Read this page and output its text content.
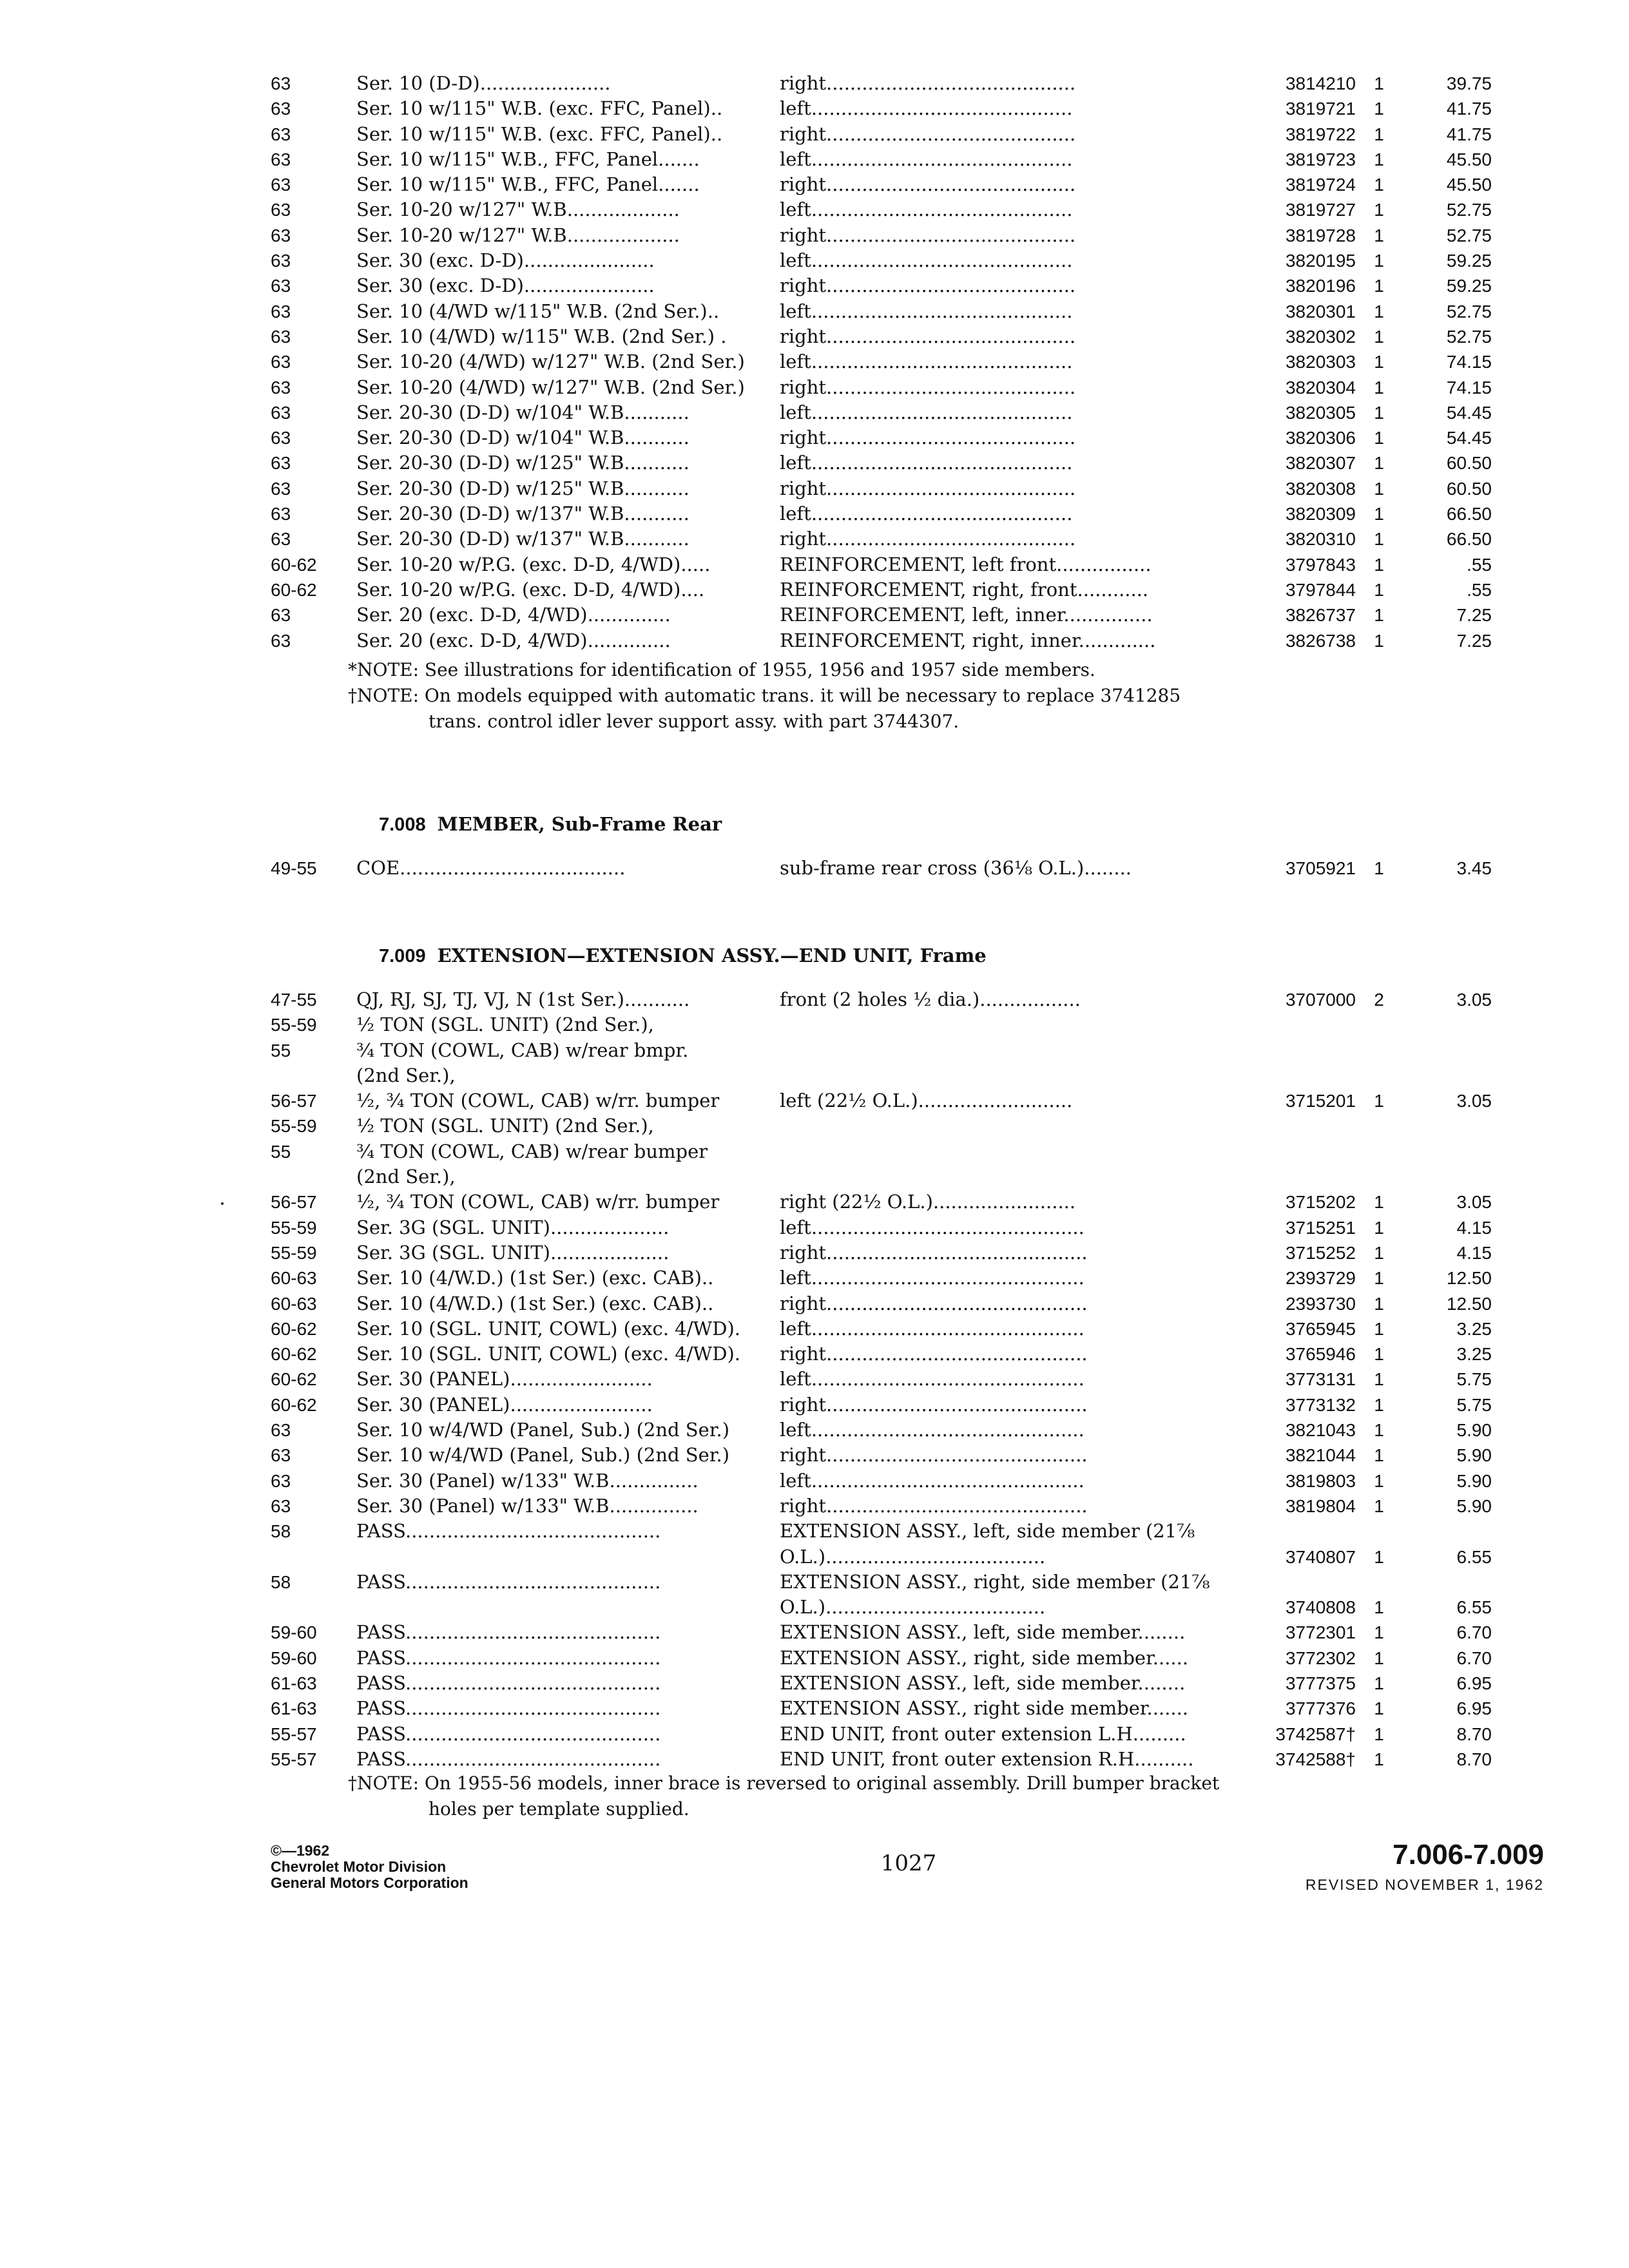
63	Ser. 10 (D-D)......................	right..........................................	3814210	1	39.75
63	Ser. 10 w/115" W.B. (exc. FFC, Panel)..	left............................................	3819721	1	41.75
63	Ser. 10 w/115" W.B. (exc. FFC, Panel)..	right..........................................	3819722	1	41.75
63	Ser. 10 w/115" W.B., FFC, Panel.......	left............................................	3819723	1	45.50
63	Ser. 10 w/115" W.B., FFC, Panel.......	right..........................................	3819724	1	45.50
63	Ser. 10-20 w/127" W.B...................	left............................................	3819727	1	52.75
63	Ser. 10-20 w/127" W.B...................	right..........................................	3819728	1	52.75
63	Ser. 30 (exc. D-D)......................	left............................................	3820195	1	59.25
63	Ser. 30 (exc. D-D)......................	right..........................................	3820196	1	59.25
63	Ser. 10 (4/WD w/115" W.B. (2nd Ser.)..	left............................................	3820301	1	52.75
63	Ser. 10 (4/WD) w/115" W.B. (2nd Ser.) .	right..........................................	3820302	1	52.75
63	Ser. 10-20 (4/WD) w/127" W.B. (2nd Ser.)	left............................................	3820303	1	74.15
63	Ser. 10-20 (4/WD) w/127" W.B. (2nd Ser.)	right..........................................	3820304	1	74.15
63	Ser. 20-30 (D-D) w/104" W.B...........	left............................................	3820305	1	54.45
63	Ser. 20-30 (D-D) w/104" W.B...........	right..........................................	3820306	1	54.45
63	Ser. 20-30 (D-D) w/125" W.B...........	left............................................	3820307	1	60.50
63	Ser. 20-30 (D-D) w/125" W.B...........	right..........................................	3820308	1	60.50
63	Ser. 20-30 (D-D) w/137" W.B...........	left............................................	3820309	1	66.50
63	Ser. 20-30 (D-D) w/137" W.B...........	right..........................................	3820310	1	66.50
60-62	Ser. 10-20 w/P.G. (exc. D-D, 4/WD).....	REINFORCEMENT, left front................	3797843	1	.55
60-62	Ser. 10-20 w/P.G. (exc. D-D, 4/WD)....	REINFORCEMENT, right, front............	3797844	1	.55
63	Ser. 20 (exc. D-D, 4/WD)..............	REINFORCEMENT, left, inner...............	3826737	1	7.25
63	Ser. 20 (exc. D-D, 4/WD)..............	REINFORCEMENT, right, inner.............	3826738	1	7.25
*NOTE: See illustrations for identification of 1955, 1956 and 1957 side members.
†NOTE: On models equipped with automatic trans. it will be necessary to replace 3741285
trans. control idler lever support assy. with part 3744307.
7.008 MEMBER, Sub-Frame Rear
49-55	COE......................................	sub-frame rear cross (36⅛ O.L.)........	3705921	1	3.45
7.009 EXTENSION—EXTENSION ASSY.—END UNIT, Frame
47-55	QJ, RJ, SJ, TJ, VJ, N (1st Ser.)...........	front (2 holes ½ dia.).................	3707000	2	3.05
55-59	½ TON (SGL. UNIT) (2nd Ser.),
55	¾ TON (COWL, CAB) w/rear bmpr.
(2nd Ser.),
56-57	½, ¾ TON (COWL, CAB) w/rr. bumper	left (22½ O.L.)..........................	3715201	1	3.05
55-59	½ TON (SGL. UNIT) (2nd Ser.),
55	¾ TON (COWL, CAB) w/rear bumper
(2nd Ser.),
56-57	½, ¾ TON (COWL, CAB) w/rr. bumper	right (22½ O.L.)........................	3715202	1	3.05
55-59	Ser. 3G (SGL. UNIT)....................	left..............................................	3715251	1	4.15
55-59	Ser. 3G (SGL. UNIT)....................	right............................................	3715252	1	4.15
60-63	Ser. 10 (4/W.D.) (1st Ser.) (exc. CAB)..	left..............................................	2393729	1	12.50
60-63	Ser. 10 (4/W.D.) (1st Ser.) (exc. CAB)..	right............................................	2393730	1	12.50
60-62	Ser. 10 (SGL. UNIT, COWL) (exc. 4/WD).	left..............................................	3765945	1	3.25
60-62	Ser. 10 (SGL. UNIT, COWL) (exc. 4/WD).	right............................................	3765946	1	3.25
60-62	Ser. 30 (PANEL)........................	left..............................................	3773131	1	5.75
60-62	Ser. 30 (PANEL)........................	right............................................	3773132	1	5.75
63	Ser. 10 w/4/WD (Panel, Sub.) (2nd Ser.)	left..............................................	3821043	1	5.90
63	Ser. 10 w/4/WD (Panel, Sub.) (2nd Ser.)	right............................................	3821044	1	5.90
63	Ser. 30 (Panel) w/133" W.B...............	left..............................................	3819803	1	5.90
63	Ser. 30 (Panel) w/133" W.B...............	right............................................	3819804	1	5.90
58	PASS...........................................	EXTENSION ASSY., left, side member (21⅞
O.L.).....................................	3740807	1	6.55
58	PASS...........................................	EXTENSION ASSY., right, side member (21⅞
O.L.).....................................	3740808	1	6.55
59-60	PASS...........................................	EXTENSION ASSY., left, side member........	3772301	1	6.70
59-60	PASS...........................................	EXTENSION ASSY., right, side member......	3772302	1	6.70
61-63	PASS...........................................	EXTENSION ASSY., left, side member........	3777375	1	6.95
61-63	PASS...........................................	EXTENSION ASSY., right side member.......	3777376	1	6.95
55-57	PASS...........................................	END UNIT, front outer extension L.H.........	3742587†	1	8.70
55-57	PASS...........................................	END UNIT, front outer extension R.H..........	3742588†	1	8.70
†NOTE: On 1955-56 models, inner brace is reversed to original assembly. Drill bumper bracket
holes per template supplied.
©—1962
Chevrolet Motor Division
General Motors Corporation
1027	7.006-7.009
REVISED NOVEMBER 1, 1962
